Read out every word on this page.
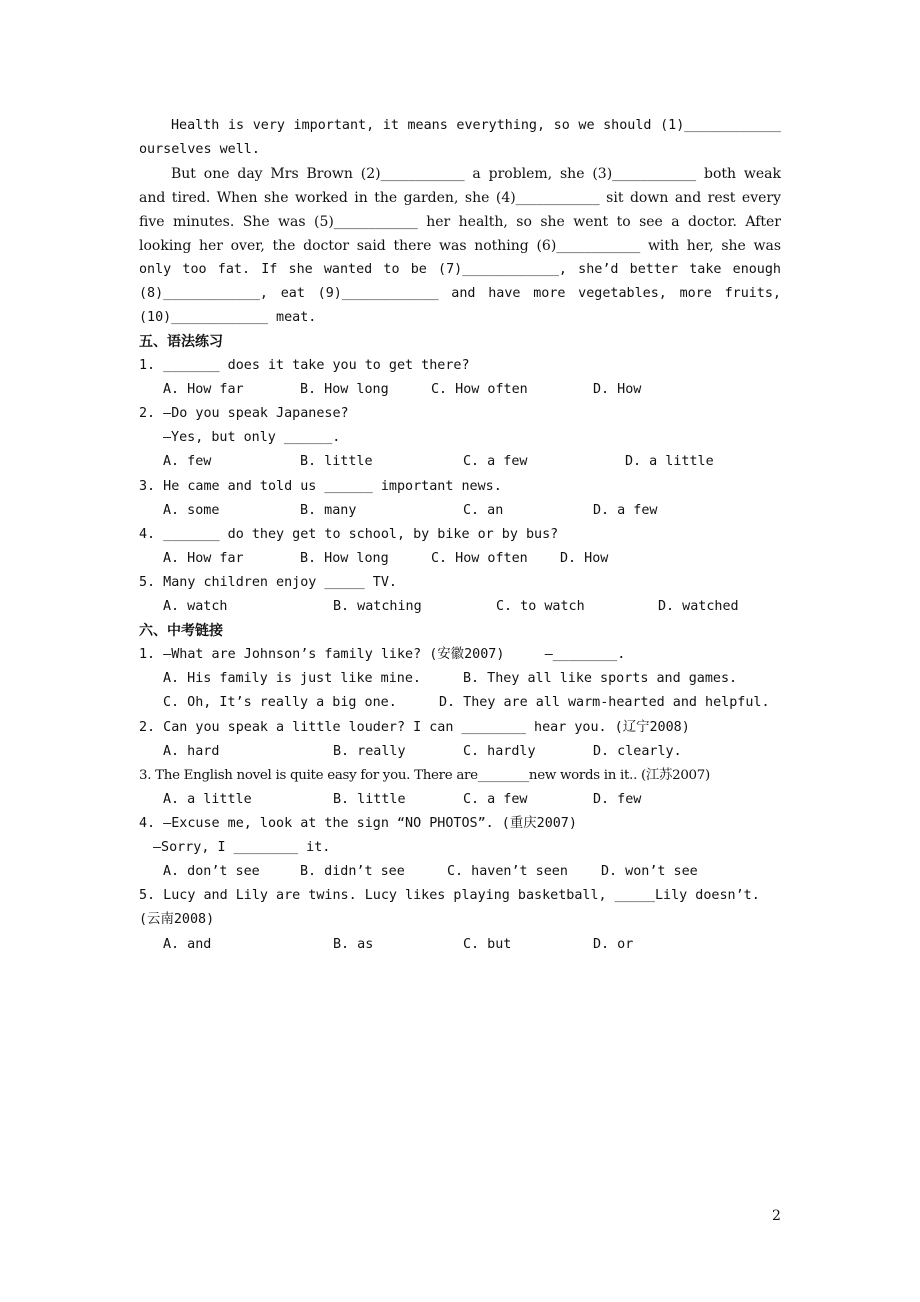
Health is very important, it means everything, so we should (1)____________
ourselves well.
But one day Mrs Brown (2)____________ a problem, she (3)____________ both weak
and tired. When she worked in the garden, she (4)____________ sit down and rest every
five minutes. She was (5)____________ her health, so she went to see a doctor. After
looking her over, the doctor said there was nothing (6)____________ with her, she was
only too fat. If she wanted to be (7)____________, she’d better take enough
(8)____________, eat (9)____________ and have more vegetables, more fruits,
(10)____________ meat.
五、语法练习
1. _______ does it take you to get there?

A. How far

	B. How long

	C. How often

	D. How

2. —Do you speak Japanese?
—Yes, but only ______.

A. few

	B. little

	C. a few

	D. a little

3. He came and told us ______ important news.

A. some

	B. many

	C. an

	D. a few

4. _______ do they get to school, by bike or by bus?

A. How far

	B. How long

	C. How often

D. How

5. Many children enjoy _____ TV.

A. watch

	B. watching

	C. to watch

	D. watched

六、中考链接
1. —What are Johnson’s family like? (安徽2007)     —________.

A. His family is just like mine.

	B. They all like sports and games.

C. Oh, It’s really a big one.

	D. They are all warm-hearted and helpful.

2. Can you speak a little louder? I can ________ hear you. (辽宁2008)

A. hard

	B. really

	C. hardly

	D. clearly.

3. The English novel is quite easy for you. There are________new words in it.. (江苏2007)

A. a little

	B. little

	C. a few

	D. few

4. —Excuse me, look at the sign “NO PHOTOS”. (重庆2007)
—Sorry, I ________ it.

A. don’t see

	B. didn’t see

	C. haven’t seen

D. won’t see

5. Lucy and Lily are twins. Lucy likes playing basketball, _____Lily doesn’t.
(云南2008)

A. and

	B. as

	C. but

	D. or

2
